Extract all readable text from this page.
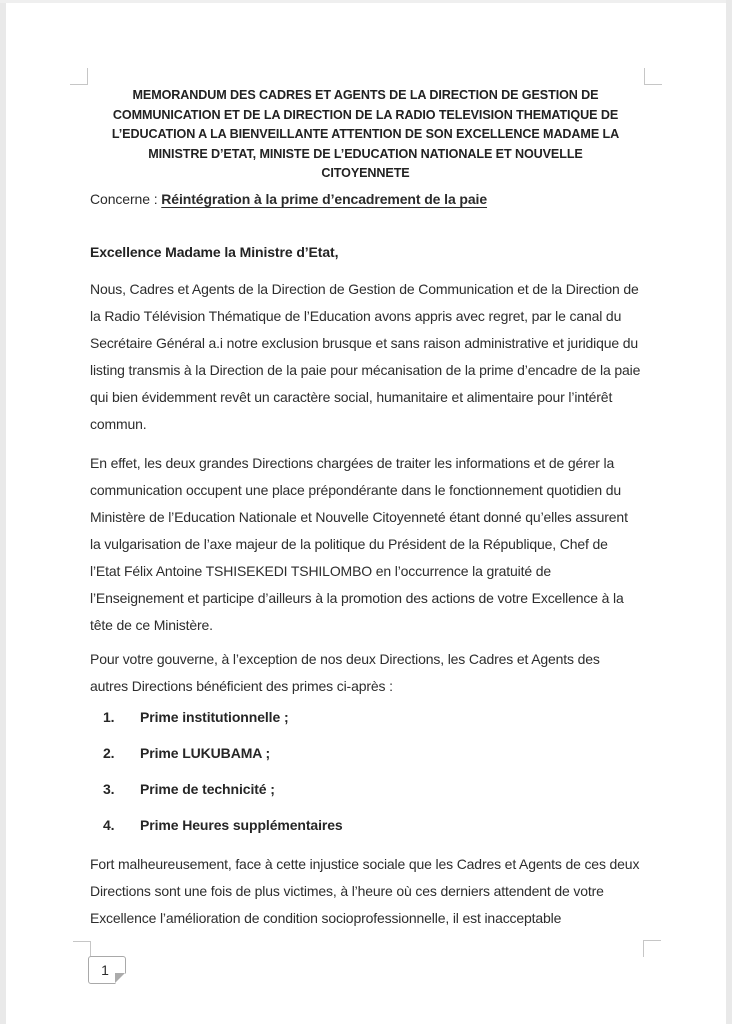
MEMORANDUM DES CADRES ET AGENTS DE LA DIRECTION DE GESTION DE
COMMUNICATION ET DE LA DIRECTION DE LA RADIO TELEVISION THEMATIQUE DE
L’EDUCATION A LA BIENVEILLANTE ATTENTION DE SON EXCELLENCE MADAME LA
MINISTRE D’ETAT, MINISTE DE L’EDUCATION NATIONALE ET NOUVELLE
CITOYENNETE

Concerne : Réintégration à la prime d’encadrement de la paie

Excellence Madame la Ministre d’Etat,

Nous, Cadres et Agents de la Direction de Gestion de Communication et de la Direction de la Radio Télévision Thématique de l’Education avons appris avec regret, par le canal du Secrétaire Général a.i notre exclusion brusque et sans raison administrative et juridique du listing transmis à la Direction de la paie pour mécanisation de la prime d’encadre de la paie qui bien évidemment revêt un caractère social, humanitaire et alimentaire pour l’intérêt commun.

En effet, les deux grandes Directions chargées de traiter les informations et de gérer la communication occupent une place prépondérante dans le fonctionnement quotidien du Ministère de l’Education Nationale et Nouvelle Citoyenneté étant donné qu’elles assurent la vulgarisation de l’axe majeur de la politique du Président de la République, Chef de l’Etat Félix Antoine TSHISEKEDI TSHILOMBO en l’occurrence la gratuité de l’Enseignement et participe d’ailleurs à la promotion des actions de votre Excellence à la tête de ce Ministère.

Pour votre gouverne, à l’exception de nos deux Directions, les Cadres et Agents des autres Directions bénéficient des primes ci-après :

1.	Prime institutionnelle ;
2.	Prime LUKUBAMA ;
3.	Prime de technicité ;
4.	Prime Heures supplémentaires

Fort malheureusement, face à cette injustice sociale que les Cadres et Agents de ces deux Directions sont une fois de plus victimes, à l’heure où ces derniers attendent de votre Excellence l’amélioration de condition socioprofessionnelle, il est inacceptable

1
